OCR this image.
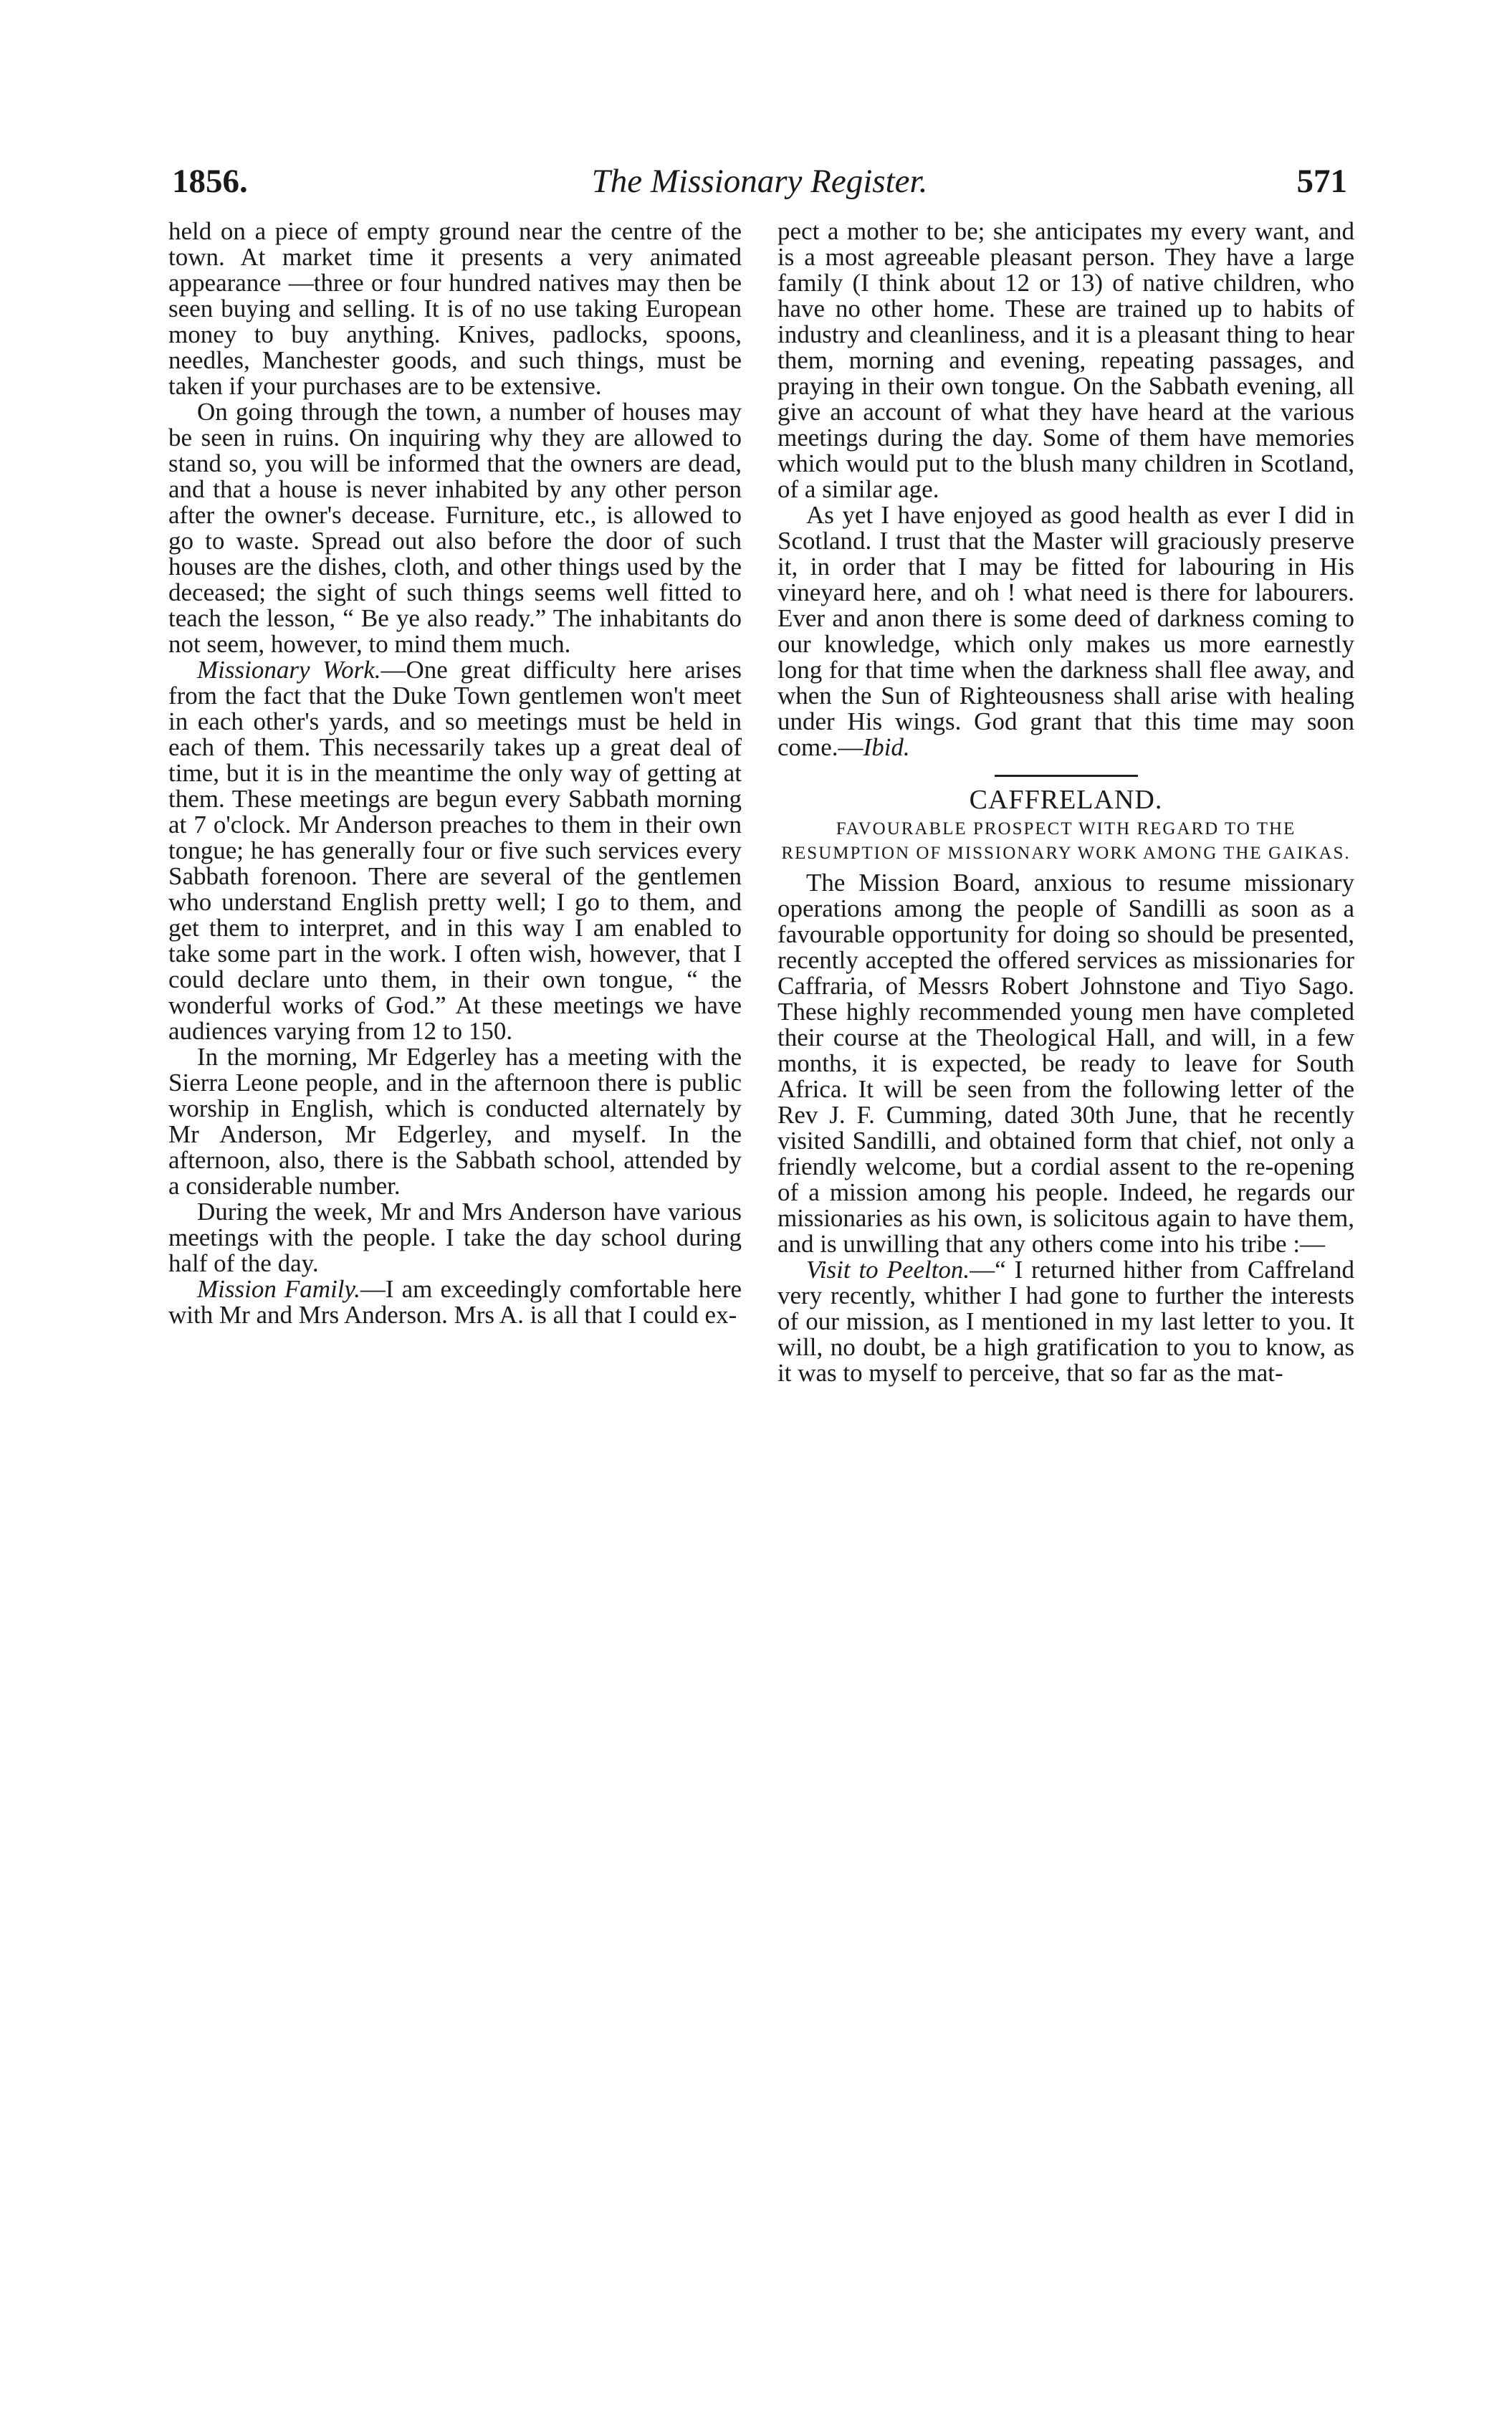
1856.	The Missionary Register.	571

held on a piece of empty ground near the centre of the town. At market time it presents a very animated appearance —three or four hundred natives may then be seen buying and selling. It is of no use taking European money to buy anything. Knives, padlocks, spoons, needles, Manchester goods, and such things, must be taken if your purchases are to be extensive.

On going through the town, a number of houses may be seen in ruins. On inquiring why they are allowed to stand so, you will be informed that the owners are dead, and that a house is never inhabited by any other person after the owner's decease. Furniture, etc., is allowed to go to waste. Spread out also before the door of such houses are the dishes, cloth, and other things used by the deceased; the sight of such things seems well fitted to teach the lesson, “ Be ye also ready.” The inhabitants do not seem, however, to mind them much.

Missionary Work.—One great difficulty here arises from the fact that the Duke Town gentlemen won't meet in each other's yards, and so meetings must be held in each of them. This necessarily takes up a great deal of time, but it is in the meantime the only way of getting at them. These meetings are begun every Sabbath morning at 7 o'clock. Mr Anderson preaches to them in their own tongue; he has generally four or five such services every Sabbath forenoon. There are several of the gentlemen who understand English pretty well; I go to them, and get them to interpret, and in this way I am enabled to take some part in the work. I often wish, however, that I could declare unto them, in their own tongue, “ the wonderful works of God.” At these meetings we have audiences varying from 12 to 150.

In the morning, Mr Edgerley has a meeting with the Sierra Leone people, and in the afternoon there is public worship in English, which is conducted alternately by Mr Anderson, Mr Edgerley, and myself. In the afternoon, also, there is the Sabbath school, attended by a considerable number.

During the week, Mr and Mrs Anderson have various meetings with the people. I take the day school during half of the day.

Mission Family.—I am exceedingly comfortable here with Mr and Mrs Anderson. Mrs A. is all that I could ex-

pect a mother to be; she anticipates my every want, and is a most agreeable pleasant person. They have a large family (I think about 12 or 13) of native children, who have no other home. These are trained up to habits of industry and cleanliness, and it is a pleasant thing to hear them, morning and evening, repeating passages, and praying in their own tongue. On the Sabbath evening, all give an account of what they have heard at the various meetings during the day. Some of them have memories which would put to the blush many children in Scotland, of a similar age.

As yet I have enjoyed as good health as ever I did in Scotland. I trust that the Master will graciously preserve it, in order that I may be fitted for labouring in His vineyard here, and oh ! what need is there for labourers. Ever and anon there is some deed of darkness coming to our knowledge, which only makes us more earnestly long for that time when the darkness shall flee away, and when the Sun of Righteousness shall arise with healing under His wings. God grant that this time may soon come.—Ibid.

CAFFRELAND.
FAVOURABLE PROSPECT WITH REGARD TO THE RESUMPTION OF MISSIONARY WORK AMONG THE GAIKAS.

The Mission Board, anxious to resume missionary operations among the people of Sandilli as soon as a favourable opportunity for doing so should be presented, recently accepted the offered services as missionaries for Caffraria, of Messrs Robert Johnstone and Tiyo Sago. These highly recommended young men have completed their course at the Theological Hall, and will, in a few months, it is expected, be ready to leave for South Africa. It will be seen from the following letter of the Rev J. F. Cumming, dated 30th June, that he recently visited Sandilli, and obtained form that chief, not only a friendly welcome, but a cordial assent to the re-opening of a mission among his people. Indeed, he regards our missionaries as his own, is solicitous again to have them, and is unwilling that any others come into his tribe :—

Visit to Peelton.—“ I returned hither from Caffreland very recently, whither I had gone to further the interests of our mission, as I mentioned in my last letter to you. It will, no doubt, be a high gratification to you to know, as it was to myself to perceive, that so far as the mat-
